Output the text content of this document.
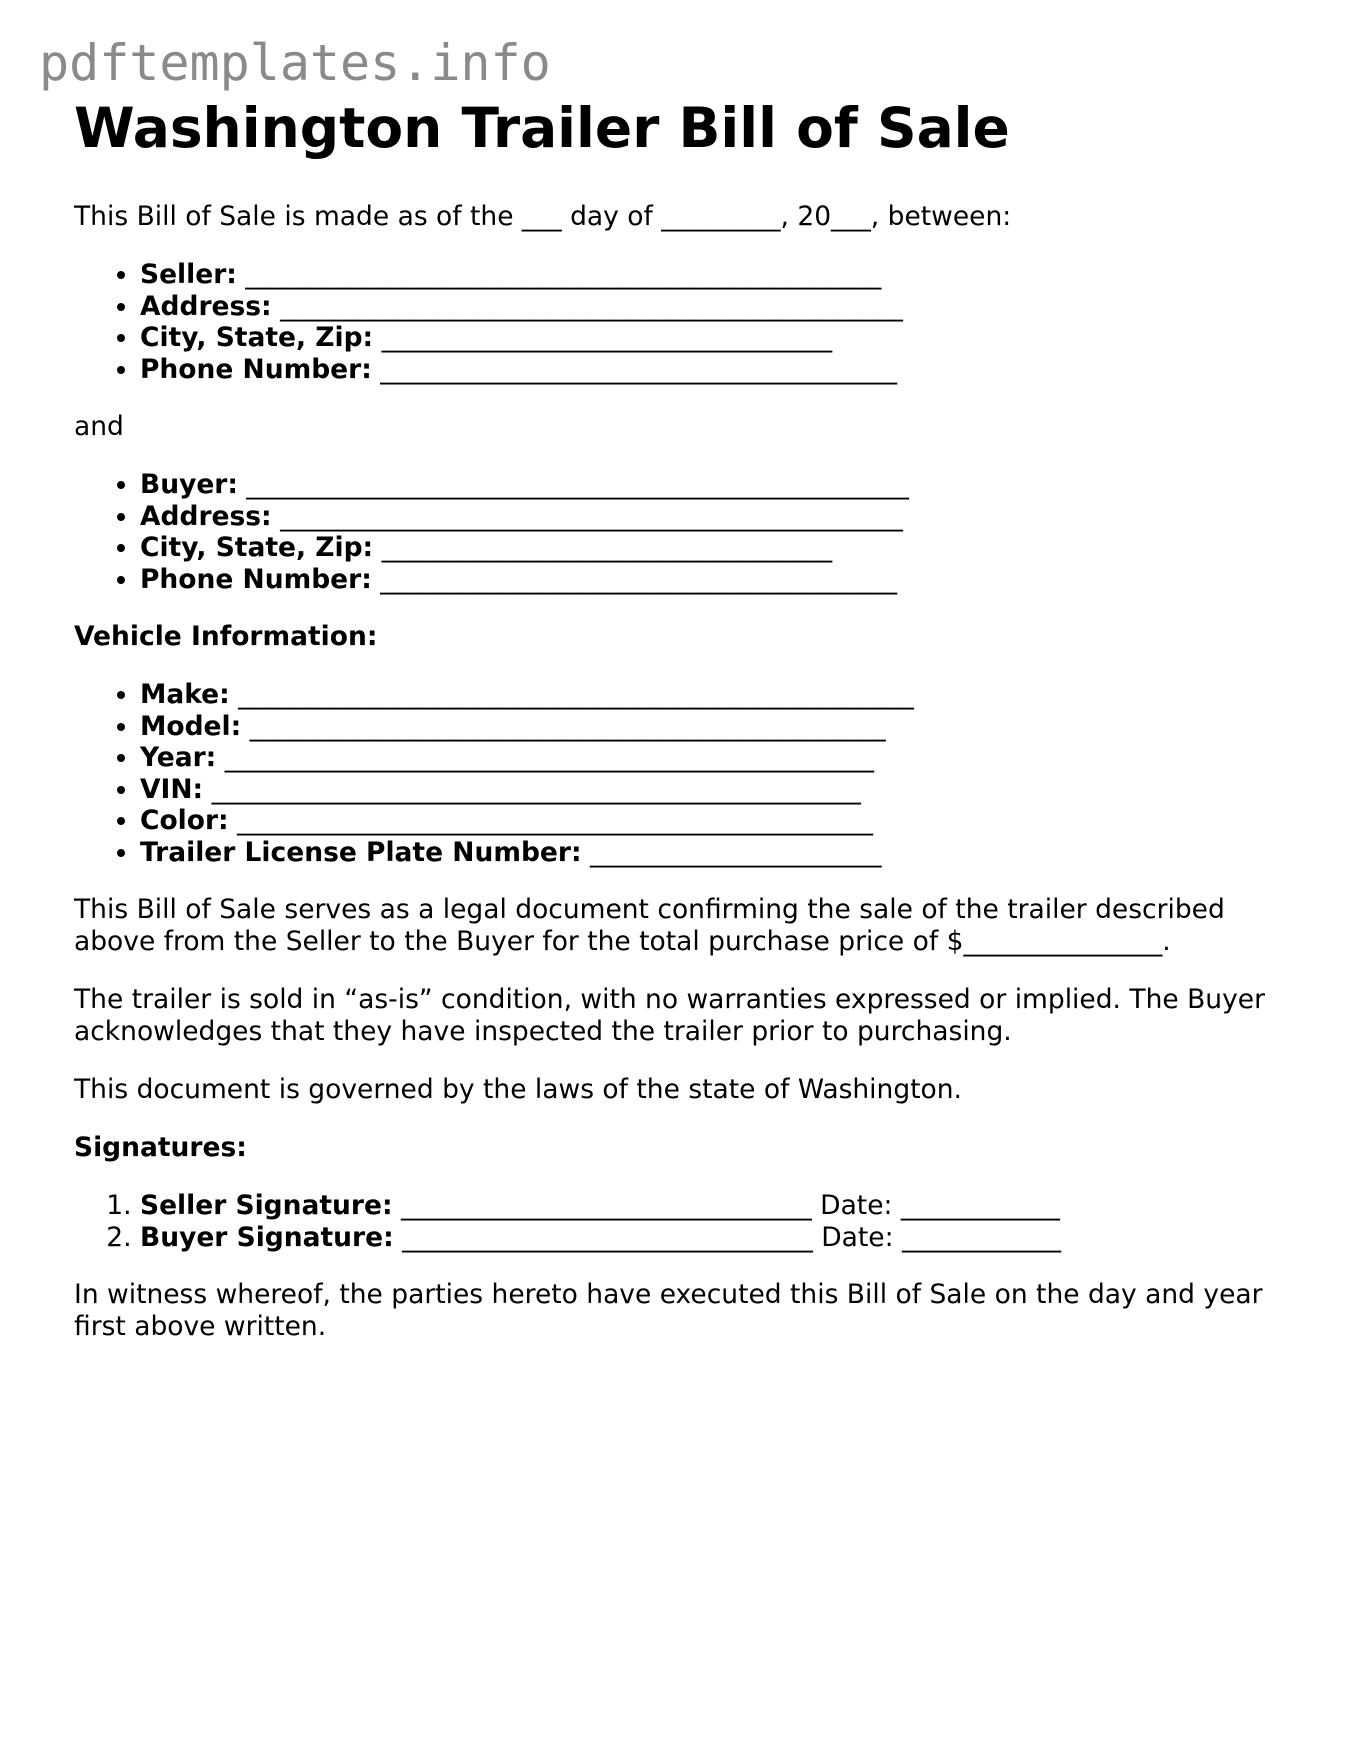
pdftemplates.info
Washington Trailer Bill of Sale

This Bill of Sale is made as of the ___ day of _________, 20___, between:

• Seller: ________________________________________________
• Address: _______________________________________________
• City, State, Zip: __________________________________
• Phone Number: _______________________________________

and

• Buyer: __________________________________________________
• Address: _______________________________________________
• City, State, Zip: __________________________________
• Phone Number: _______________________________________

Vehicle Information:

• Make: ___________________________________________________
• Model: ________________________________________________
• Year: _________________________________________________
• VIN: _________________________________________________
• Color: ________________________________________________
• Trailer License Plate Number: ______________________

This Bill of Sale serves as a legal document confirming the sale of the trailer described above from the Seller to the Buyer for the total purchase price of $_______________.

The trailer is sold in “as-is” condition, with no warranties expressed or implied. The Buyer acknowledges that they have inspected the trailer prior to purchasing.

This document is governed by the laws of the state of Washington.

Signatures:

1. Seller Signature: _______________________________ Date: ____________
2. Buyer Signature: _______________________________ Date: ____________

In witness whereof, the parties hereto have executed this Bill of Sale on the day and year first above written.
